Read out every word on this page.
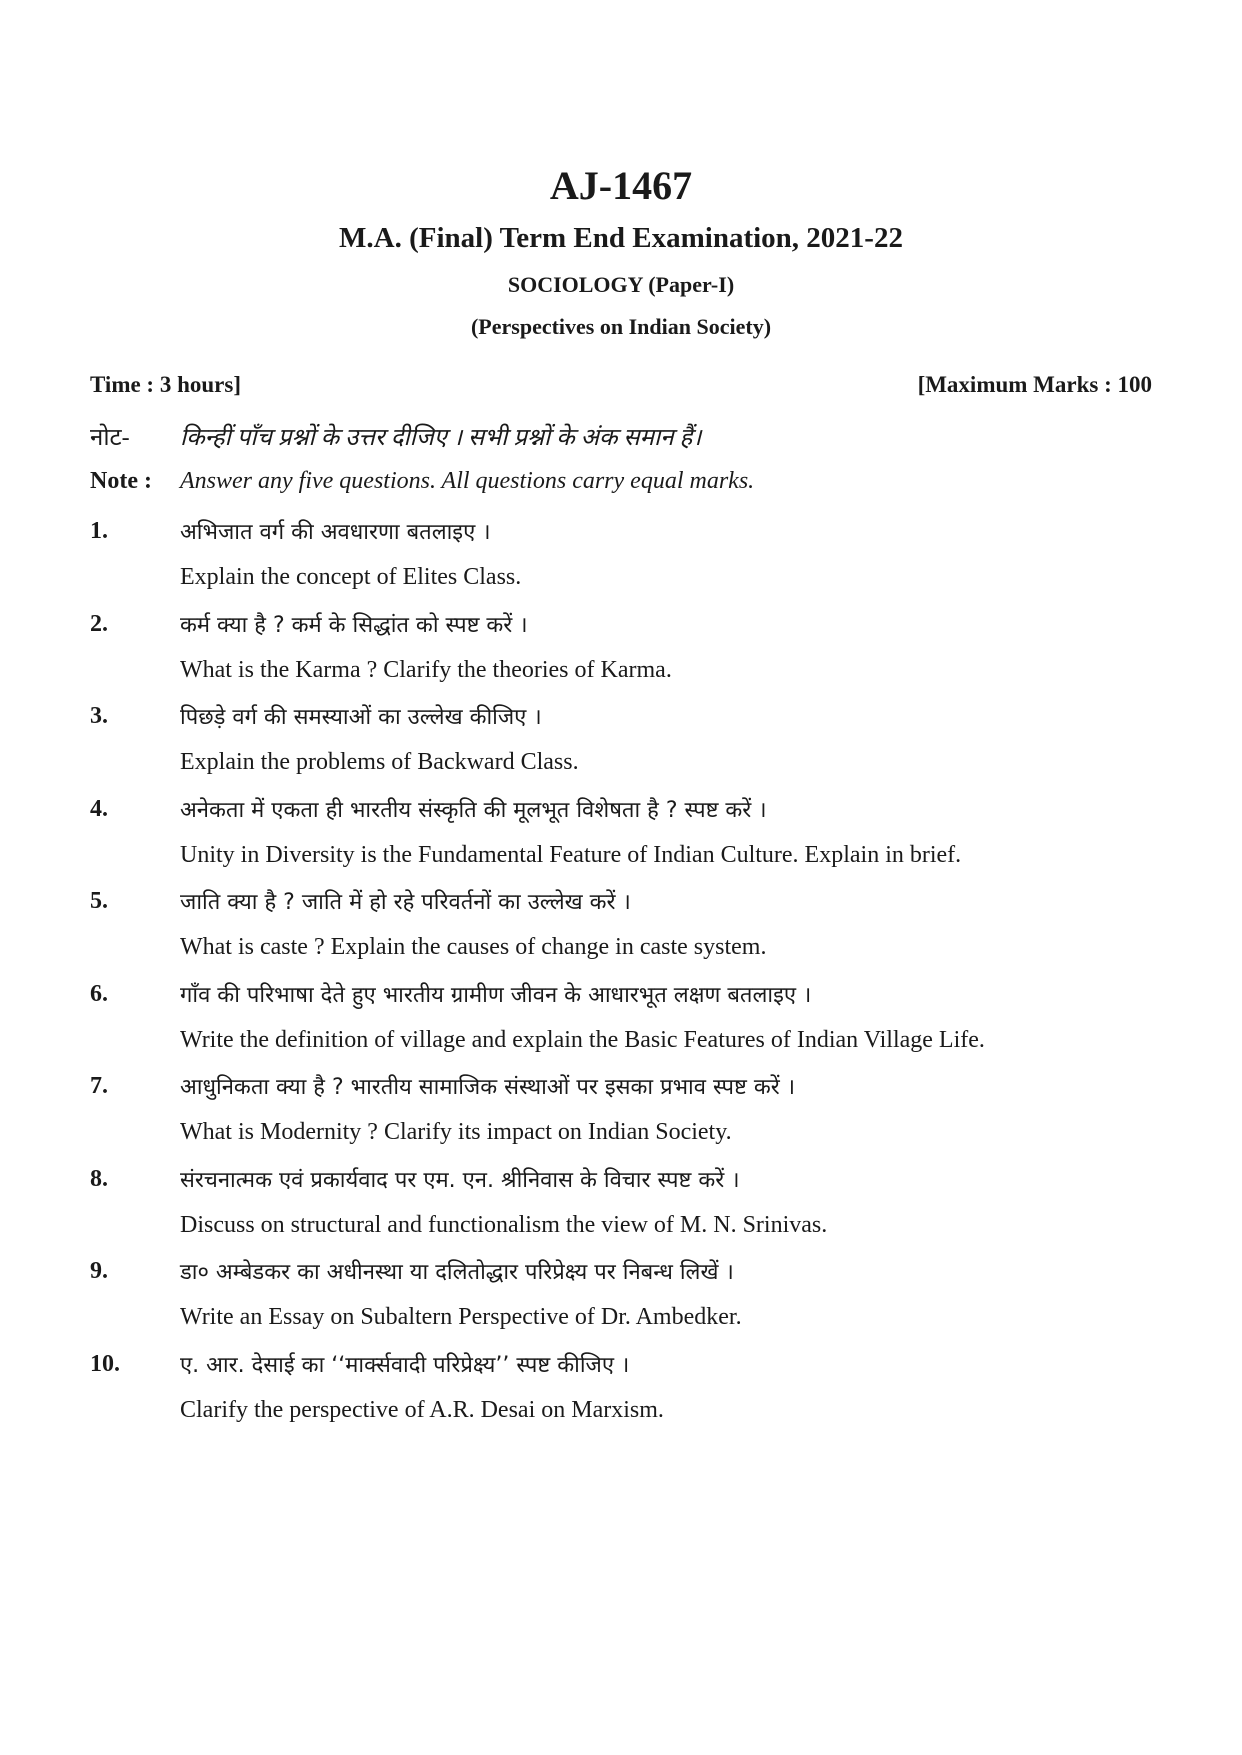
AJ-1467
M.A. (Final) Term End Examination, 2021-22
SOCIOLOGY (Paper-I)
(Perspectives on Indian Society)
Time : 3 hours]	[Maximum Marks : 100
नोट-	किन्हीं पाँच प्रश्नों के उत्तर दीजिए । सभी प्रश्नों के अंक समान हैं।
Note :	Answer any five questions. All questions carry equal marks.
1.	अभिजात वर्ग की अवधारणा बतलाइए ।
Explain the concept of Elites Class.
2.	कर्म क्या है ? कर्म के सिद्धांत को स्पष्ट करें ।
What is the Karma ? Clarify the theories of Karma.
3.	पिछड़े वर्ग की समस्याओं का उल्लेख कीजिए ।
Explain the problems of Backward Class.
4.	अनेकता में एकता ही भारतीय संस्कृति की मूलभूत विशेषता है ? स्पष्ट करें ।
Unity in Diversity is the Fundamental Feature of Indian Culture. Explain in brief.
5.	जाति क्या है ? जाति में हो रहे परिवर्तनों का उल्लेख करें ।
What is caste ? Explain the causes of change in caste system.
6.	गाँव की परिभाषा देते हुए भारतीय ग्रामीण जीवन के आधारभूत लक्षण बतलाइए ।
Write the definition of village and explain the Basic Features of Indian Village Life.
7.	आधुनिकता क्या है ? भारतीय सामाजिक संस्थाओं पर इसका प्रभाव स्पष्ट करें ।
What is Modernity ? Clarify its impact on Indian Society.
8.	संरचनात्मक एवं प्रकार्यवाद पर एम. एन. श्रीनिवास के विचार स्पष्ट करें ।
Discuss on structural and functionalism the view of M. N. Srinivas.
9.	डा० अम्बेडकर का अधीनस्था या दलितोद्धार परिप्रेक्ष्य पर निबन्ध लिखें ।
Write an Essay on Subaltern Perspective of Dr. Ambedker.
10.	ए. आर. देसाई का ‘‘मार्क्सवादी परिप्रेक्ष्य’’ स्पष्ट कीजिए ।
Clarify the perspective of A.R. Desai on Marxism.
